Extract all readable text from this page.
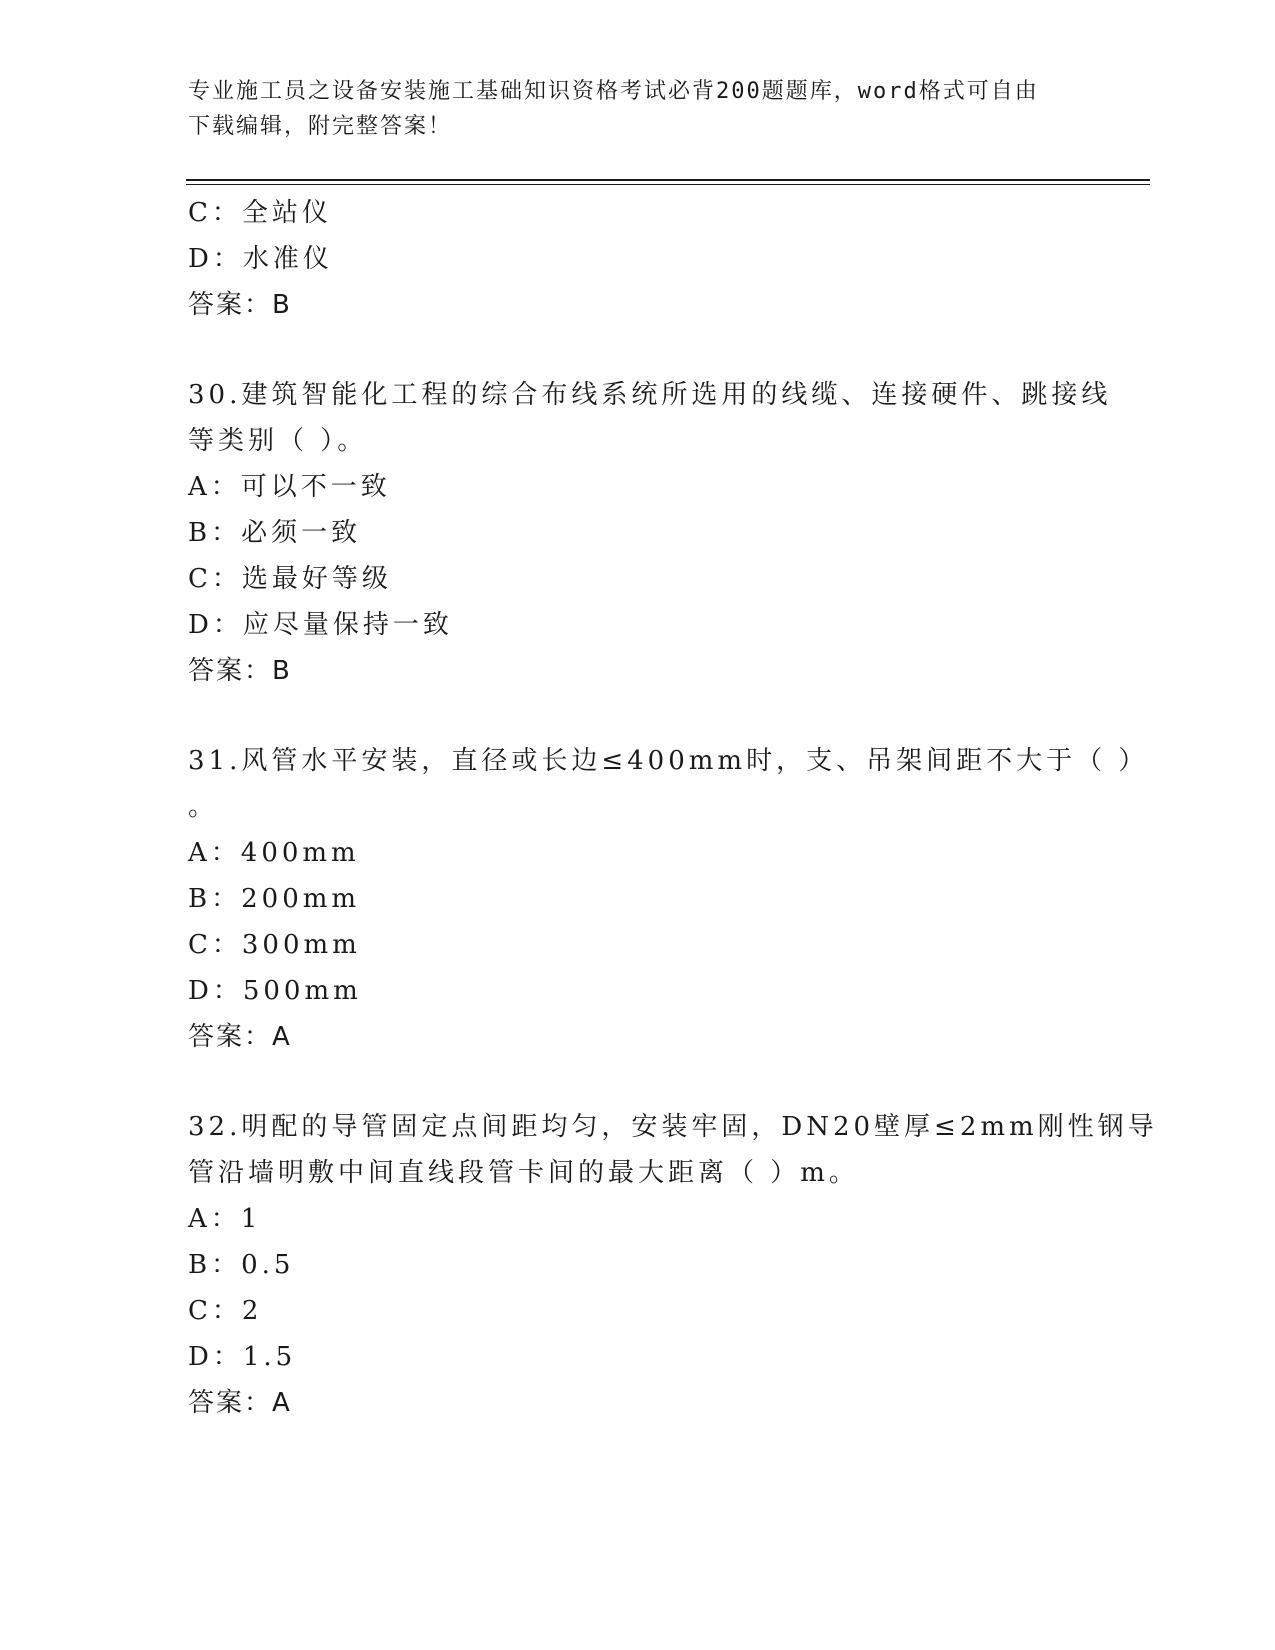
专业施工员之设备安装施工基础知识资格考试必背200题题库，word格式可自由
下载编辑，附完整答案！
C：全站仪
D：水准仪
答案：B
30.建筑智能化工程的综合布线系统所选用的线缆、连接硬件、跳接线
等类别（ ）。
A：可以不一致
B：必须一致
C：选最好等级
D：应尽量保持一致
答案：B
31.风管水平安装，直径或长边≤400mm时，支、吊架间距不大于（ ）
。
A：400mm
B：200mm
C：300mm
D：500mm
答案：A
32.明配的导管固定点间距均匀，安装牢固，DN20壁厚≤2mm刚性钢导
管沿墙明敷中间直线段管卡间的最大距离（ ）m。
A：1
B：0.5
C：2
D：1.5
答案：A
